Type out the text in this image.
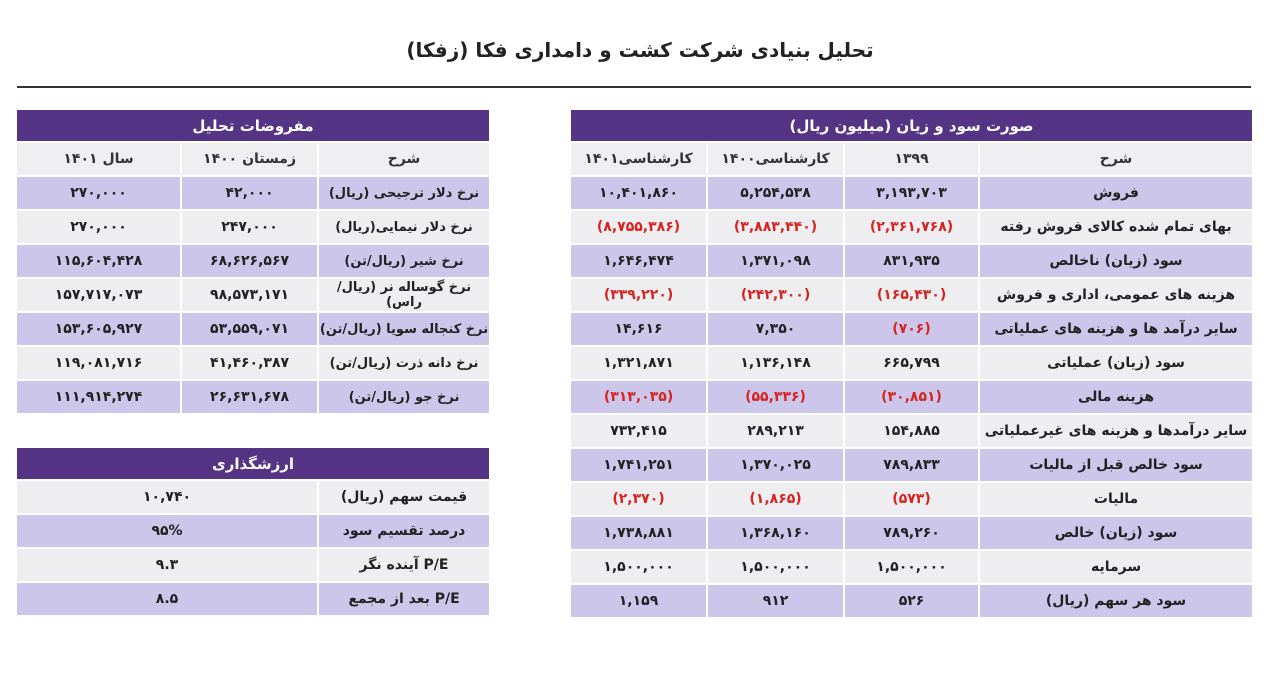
تحلیل بنیادی شرکت کشت و دامداری فکا (زفکا)
صورت سود و زیان (میلیون ریال)			
شرح	۱۳۹۹	کارشناسی۱۴۰۰	کارشناسی۱۴۰۱
فروش	۳,۱۹۳,۷۰۳	۵,۲۵۴,۵۳۸	۱۰,۴۰۱,۸۶۰
بهای تمام شده کالای فروش رفته	(۲,۳۶۱,۷۶۸)	(۳,۸۸۳,۴۴۰)	(۸,۷۵۵,۳۸۶)
سود (زیان) ناخالص	۸۳۱,۹۳۵	۱,۳۷۱,۰۹۸	۱,۶۴۶,۴۷۴
هزینه های عمومی، اداری و فروش	(۱۶۵,۴۳۰)	(۲۴۲,۳۰۰)	(۳۳۹,۲۲۰)
سایر درآمد ها و هزینه های عملیاتی	(۷۰۶)	۷,۳۵۰	۱۴,۶۱۶
سود (زیان) عملیاتی	۶۶۵,۷۹۹	۱,۱۳۶,۱۴۸	۱,۳۲۱,۸۷۱
هزینه مالی	(۳۰,۸۵۱)	(۵۵,۳۳۶)	(۳۱۳,۰۳۵)
سایر درآمدها و هزینه های غیرعملیاتی	۱۵۴,۸۸۵	۲۸۹,۲۱۳	۷۳۲,۴۱۵
سود خالص قبل از مالیات	۷۸۹,۸۳۳	۱,۳۷۰,۰۲۵	۱,۷۴۱,۲۵۱
مالیات	(۵۷۳)	(۱,۸۶۵)	(۲,۳۷۰)
سود (زیان) خالص	۷۸۹,۲۶۰	۱,۳۶۸,۱۶۰	۱,۷۳۸,۸۸۱
سرمایه	۱,۵۰۰,۰۰۰	۱,۵۰۰,۰۰۰	۱,۵۰۰,۰۰۰
سود هر سهم (ریال)	۵۲۶	۹۱۲	۱,۱۵۹
مفروضات تحلیل		
شرح	زمستان ۱۴۰۰	سال ۱۴۰۱
نرخ دلار ترجیحی (ریال)	۴۲,۰۰۰	۲۷۰,۰۰۰
نرخ دلار نیمایی(ریال)	۲۴۷,۰۰۰	۲۷۰,۰۰۰
نرخ شیر (ریال/تن)	۶۸,۶۲۶,۵۶۷	۱۱۵,۶۰۴,۴۲۸
نرخ گوساله نر (ریال/راس)	۹۸,۵۷۳,۱۷۱	۱۵۷,۷۱۷,۰۷۳
نرخ کنجاله سویا (ریال/تن)	۵۳,۵۵۹,۰۷۱	۱۵۳,۶۰۵,۹۲۷
نرخ دانه ذرت (ریال/تن)	۴۱,۴۶۰,۳۸۷	۱۱۹,۰۸۱,۷۱۶
نرخ جو (ریال/تن)	۲۶,۶۳۱,۶۷۸	۱۱۱,۹۱۴,۲۷۴
ارزشگذاری	
قیمت سهم (ریال)	۱۰,۷۴۰
درصد تقسیم سود	۹۵%
P/E آینده نگر	۹.۳
P/E بعد از مجمع	۸.۵
